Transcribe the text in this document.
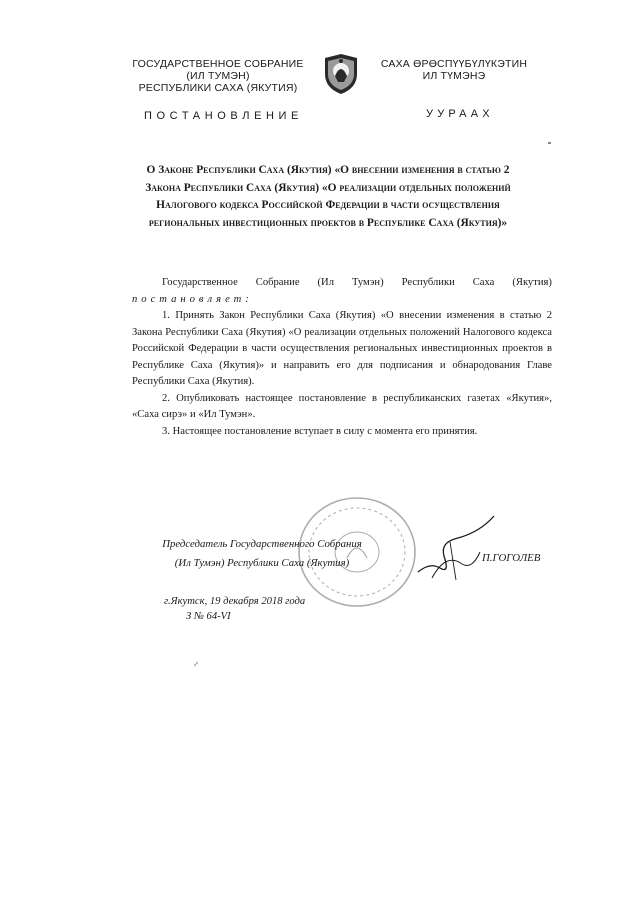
ГОСУДАРСТВЕННОЕ СОБРАНИЕ
(ИЛ ТУМЭН)
РЕСПУБЛИКИ САХА (ЯКУТИЯ)
САХА ӨРӨСПҮҮБҮЛҮКЭТИН
ИЛ ТҮМЭНЭ
ПОСТАНОВЛЕНИЕ	УУРААХ
О Законе Республики Саха (Якутия) «О внесении изменения в статью 2
Закона Республики Саха (Якутия) «О реализации отдельных положений
Налогового кодекса Российской Федерации в части осуществления
региональных инвестиционных проектов в Республике Саха (Якутия)»
Государственное Собрание (Ил Тумэн) Республики Саха (Якутия)

постановляет:

1. Принять Закон Республики Саха (Якутия) «О внесении изменения в статью 2 Закона Республики Саха (Якутия) «О реализации отдельных положений Налогового кодекса Российской Федерации в части осуществления региональных инвестиционных проектов в Республике Саха (Якутия)» и направить его для подписания и обнародования Главе Республики Саха (Якутия).

2. Опубликовать настоящее постановление в республиканских газетах «Якутия», «Саха сирэ» и «Ил Тумэн».

3. Настоящее постановление вступает в силу с момента его принятия.

Председатель Государственного Собрания
(Ил Тумэн) Республики Саха (Якутия)	П.ГОГОЛЕВ
г.Якутск, 19 декабря 2018 года
З № 64-VI
